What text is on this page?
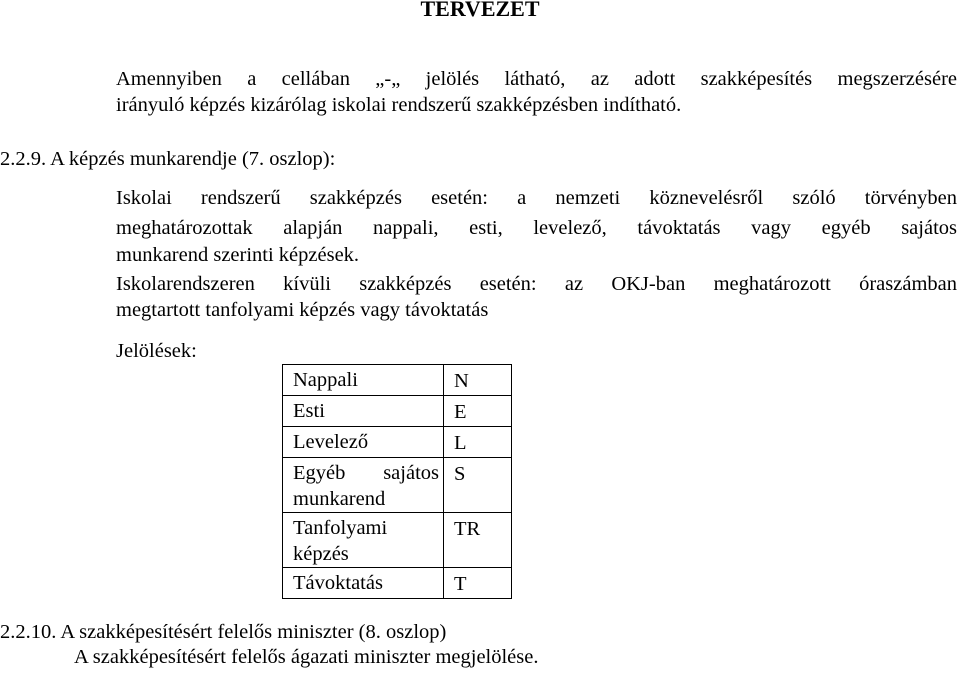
TERVEZET
Amennyiben a cellában „-„ jelölés látható, az adott szakképesítés megszerzésére
irányuló képzés kizárólag iskolai rendszerű szakképzésben indítható.
2.2.9. A képzés munkarendje (7. oszlop):
Iskolai rendszerű szakképzés esetén: a nemzeti köznevelésről szóló törvényben
meghatározottak alapján nappali, esti, levelező, távoktatás vagy egyéb sajátos
munkarend szerinti képzések.
Iskolarendszeren kívüli szakképzés esetén: az OKJ-ban meghatározott óraszámban
megtartott tanfolyami képzés vagy távoktatás
Jelölések:
Nappali	N

Esti	E

Levelező	L

Egyéb sajátos
munkarend	S

Tanfolyami
képzés	TR

Távoktatás	T
2.2.10. A szakképesítésért felelős miniszter (8. oszlop)
A szakképesítésért felelős ágazati miniszter megjelölése.
